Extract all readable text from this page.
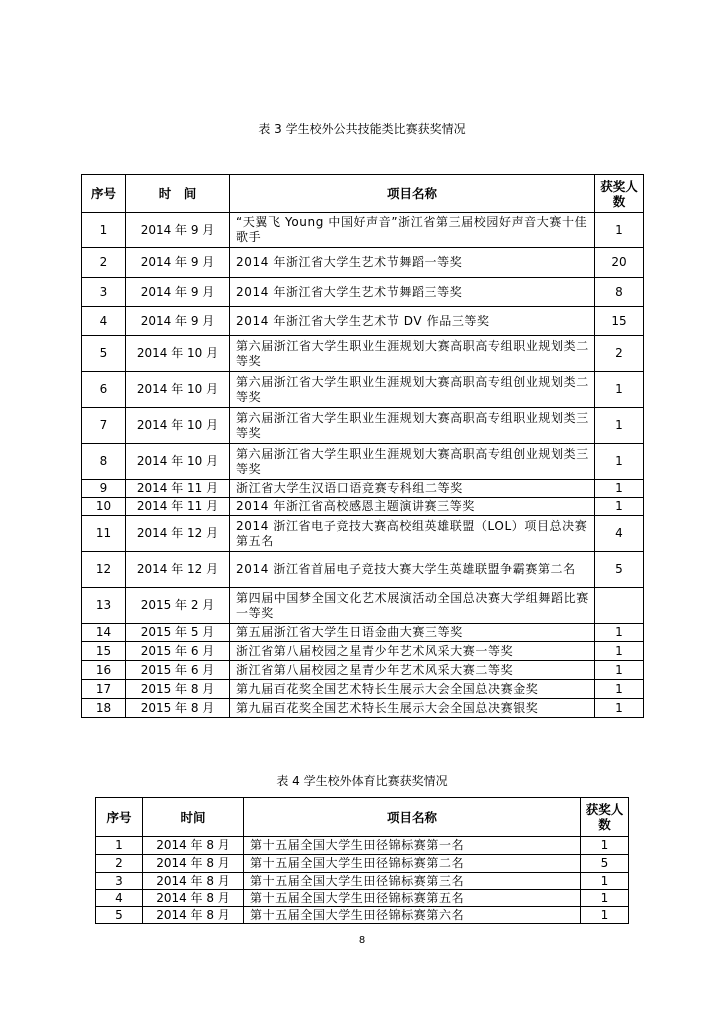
表 3 学生校外公共技能类比赛获奖情况
序号	时　间	项目名称	获奖人数
1	2014 年 9 月	“天翼飞 Young 中国好声音”浙江省第三届校园好声音大赛十佳歌手	1
2	2014 年 9 月	2014 年浙江省大学生艺术节舞蹈一等奖	20
3	2014 年 9 月	2014 年浙江省大学生艺术节舞蹈三等奖	8
4	2014 年 9 月	2014 年浙江省大学生艺术节 DV 作品三等奖	15
5	2014 年 10 月	第六届浙江省大学生职业生涯规划大赛高职高专组职业规划类二等奖	2
6	2014 年 10 月	第六届浙江省大学生职业生涯规划大赛高职高专组创业规划类二等奖	1
7	2014 年 10 月	第六届浙江省大学生职业生涯规划大赛高职高专组职业规划类三等奖	1
8	2014 年 10 月	第六届浙江省大学生职业生涯规划大赛高职高专组创业规划类三等奖	1
9	2014 年 11 月	浙江省大学生汉语口语竞赛专科组二等奖	1
10	2014 年 11 月	2014 年浙江省高校感恩主题演讲赛三等奖	1
11	2014 年 12 月	2014 浙江省电子竞技大赛高校组英雄联盟（LOL）项目总决赛第五名	4
12	2014 年 12 月	2014 浙江省首届电子竞技大赛大学生英雄联盟争霸赛第二名	5
13	2015 年 2 月	第四届中国梦全国文化艺术展演活动全国总决赛大学组舞蹈比赛一等奖	
14	2015 年 5 月	第五届浙江省大学生日语金曲大赛三等奖	1
15	2015 年 6 月	浙江省第八届校园之星青少年艺术风采大赛一等奖	1
16	2015 年 6 月	浙江省第八届校园之星青少年艺术风采大赛二等奖	1
17	2015 年 8 月	第九届百花奖全国艺术特长生展示大会全国总决赛金奖	1
18	2015 年 8 月	第九届百花奖全国艺术特长生展示大会全国总决赛银奖	1
表 4 学生校外体育比赛获奖情况
序号	时间	项目名称	获奖人数
1	2014 年 8 月	第十五届全国大学生田径锦标赛第一名	1
2	2014 年 8 月	第十五届全国大学生田径锦标赛第二名	5
3	2014 年 8 月	第十五届全国大学生田径锦标赛第三名	1
4	2014 年 8 月	第十五届全国大学生田径锦标赛第五名	1
5	2014 年 8 月	第十五届全国大学生田径锦标赛第六名	1
8
